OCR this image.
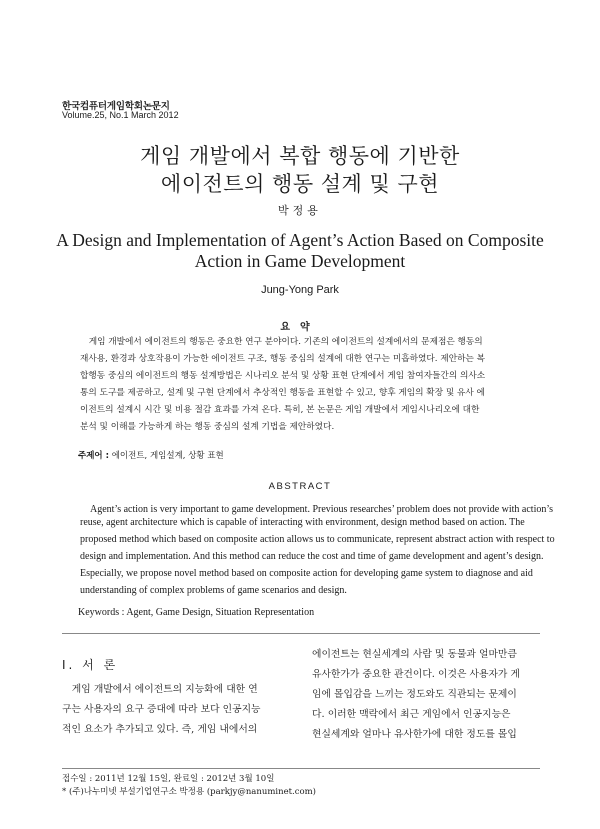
한국컴퓨터게임학회논문지
Volume.25, No.1 March 2012
게임 개발에서 복합 행동에 기반한
에이전트의 행동 설계 및 구현
박정용
A Design and Implementation of Agent’s Action Based on Composite
Action in Game Development
Jung-Yong Park
요약
　게임 개발에서 에이전트의 행동은 중요한 연구 분야이다. 기존의 에이전트의 설계에서의 문제점은 행동의
재사용, 환경과 상호작용이 가능한 에이전트 구조, 행동 중심의 설계에 대한 연구는 미흡하였다. 제안하는 복
합행동 중심의 에이전트의 행동 설계방법은 시나리오 분석 및 상황 표현 단계에서 게임 참여자들간의 의사소
통의 도구를 제공하고, 설계 및 구현 단계에서 추상적인 행동을 표현할 수 있고, 향후 게임의 확장 및 유사 에
이전트의 설계시 시간 및 비용 절감 효과를 가져 온다. 특히, 본 논문은 게임 개발에서 게임시나리오에 대한
분석 및 이해를 가능하게 하는 행동 중심의 설계 기법을 제안하였다.
주제어 : 에이전트, 게임설계, 상황 표현
ABSTRACT
　Agent’s action is very important to game development. Previous researches’ problem does not provide with action’s
reuse, agent architecture which is capable of interacting with environment, design method based on action. The
proposed method which based on composite action allows us to communicate, represent abstract action with respect to
design and implementation. And this method can reduce the cost and time of game development and agent’s design.
Especially, we propose novel method based on composite action for developing game system to diagnose and aid
understanding of complex problems of game scenarios and design.
Keywords : Agent, Game Design, Situation Representation
Ⅰ. 서 론
　게임 개발에서 에이전트의 지능화에 대한 연
구는 사용자의 요구 증대에 따라 보다 인공지능
적인 요소가 추가되고 있다. 즉, 게임 내에서의
에이전트는 현실세계의 사람 및 동물과 얼마만큼
유사한가가 중요한 관건이다. 이것은 사용자가 게
임에 몰입감을 느끼는 정도와도 직관되는 문제이
다. 이러한 맥락에서 최근 게임에서 인공지능은
현실세계와 얼마나 유사한가에 대한 정도를 몰입
접수일 : 2011년 12월 15일, 완료일 : 2012년 3월 10일
* (주)나누미넷 부설기업연구소 박정용 (parkjy@nanuminet.com)
